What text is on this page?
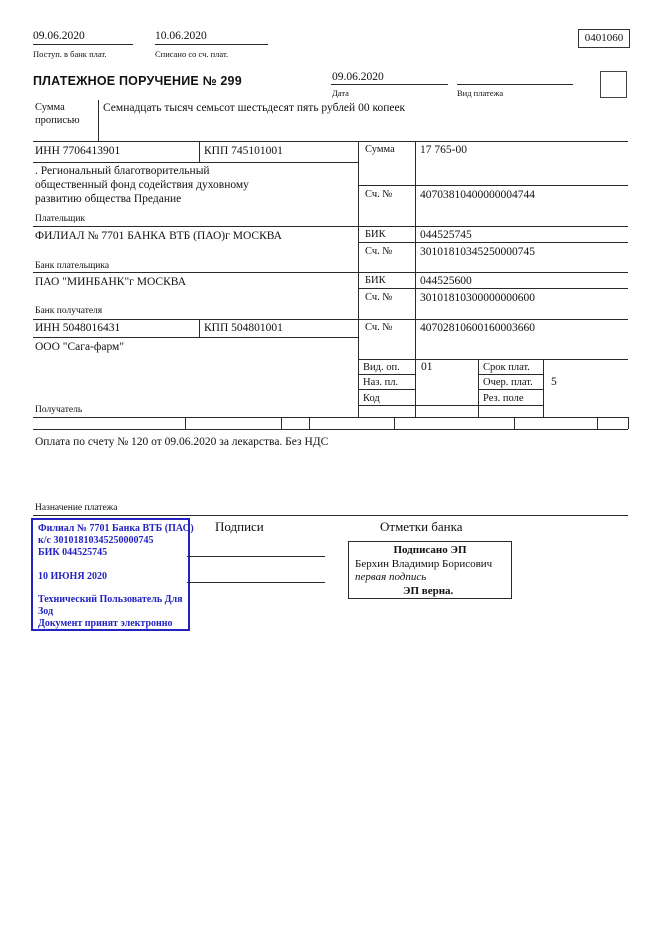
09.06.2020
Поступ. в банк плат.
10.06.2020
Списано со сч. плат.
0401060
ПЛАТЕЖНОЕ ПОРУЧЕНИЕ № 299	09.06.2020
Дата	Вид платежа
Сумма
прописью
Семнадцать тысяч семьсот шестьдесят пять рублей 00 копеек
ИНН 7706413901	КПП 745101001	Сумма 17 765-00
. Региональный благотворительный
общественный фонд содействия духовному
развитию общества Предание
Плательщик
Сч. № 40703810400000004744
ФИЛИАЛ № 7701 БАНКА ВТБ (ПАО)г МОСКВА	БИК	044525745
Сч. № 30101810345250000745
Банк плательщика
ПАО "МИНБАНК"г МОСКВА	БИК	044525600
Сч. № 30101810300000000600
Банк получателя
ИНН 5048016431	КПП 504801001	Сч. № 40702810600160003660
ООО "Сага-фарм"
Получатель
Вид. оп. 01	Срок плат.
Наз. пл.	Очер. плат. 5
Код	Рез. поле
Оплата по счету № 120 от 09.06.2020 за лекарства. Без НДС
Назначение платежа
Филиал № 7701 Банка ВТБ (ПАО)
к/с 30101810345250000745
БИК 044525745
10 ИЮНЯ 2020
Технический Пользователь Для
Зод
Документ принят электронно
Подписи	Отметки банка
Подписано ЭП
Берхин Владимир Борисович
первая подпись
ЭП верна.
